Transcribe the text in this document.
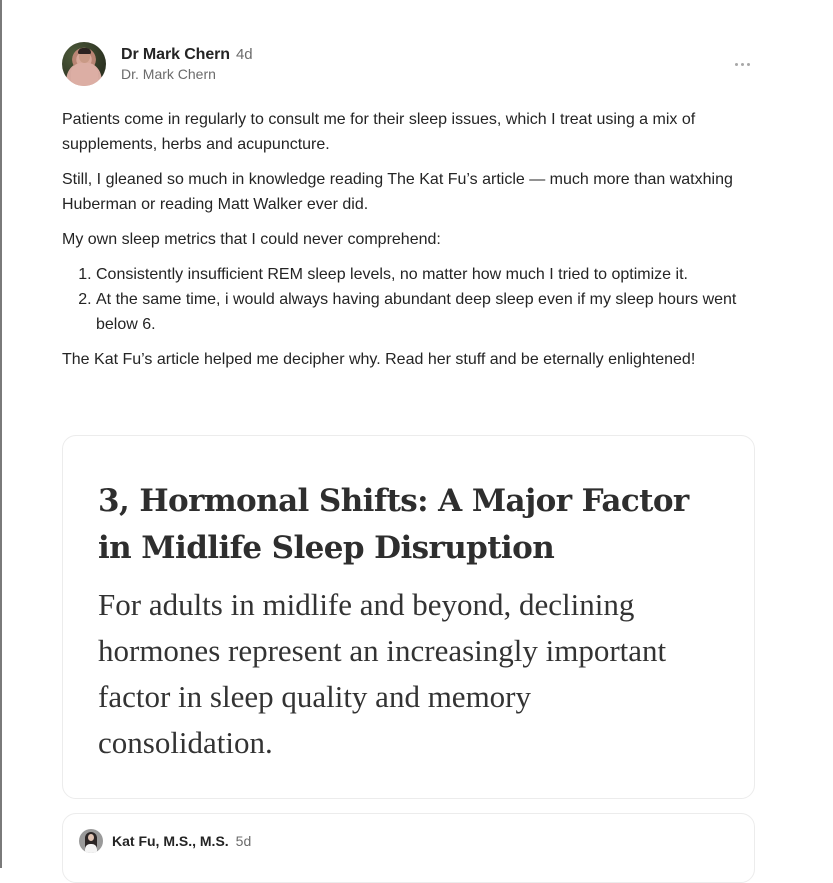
Dr Mark Chern 4d
Dr. Mark Chern

Patients come in regularly to consult me for their sleep issues, which I treat using a mix of supplements, herbs and acupuncture.

Still, I gleaned so much in knowledge reading The Kat Fu’s article — much more than watxhing Huberman or reading Matt Walker ever did.

My own sleep metrics that I could never comprehend:

1. Consistently insufficient REM sleep levels, no matter how much I tried to optimize it.
2. At the same time, i would always having abundant deep sleep even if my sleep hours went below 6.

The Kat Fu’s article helped me decipher why. Read her stuff and be eternally enlightened!

3, Hormonal Shifts: A Major Factor in Midlife Sleep Disruption
For adults in midlife and beyond, declining hormones represent an increasingly important factor in sleep quality and memory consolidation.
Kat Fu, M.S., M.S. 5d
